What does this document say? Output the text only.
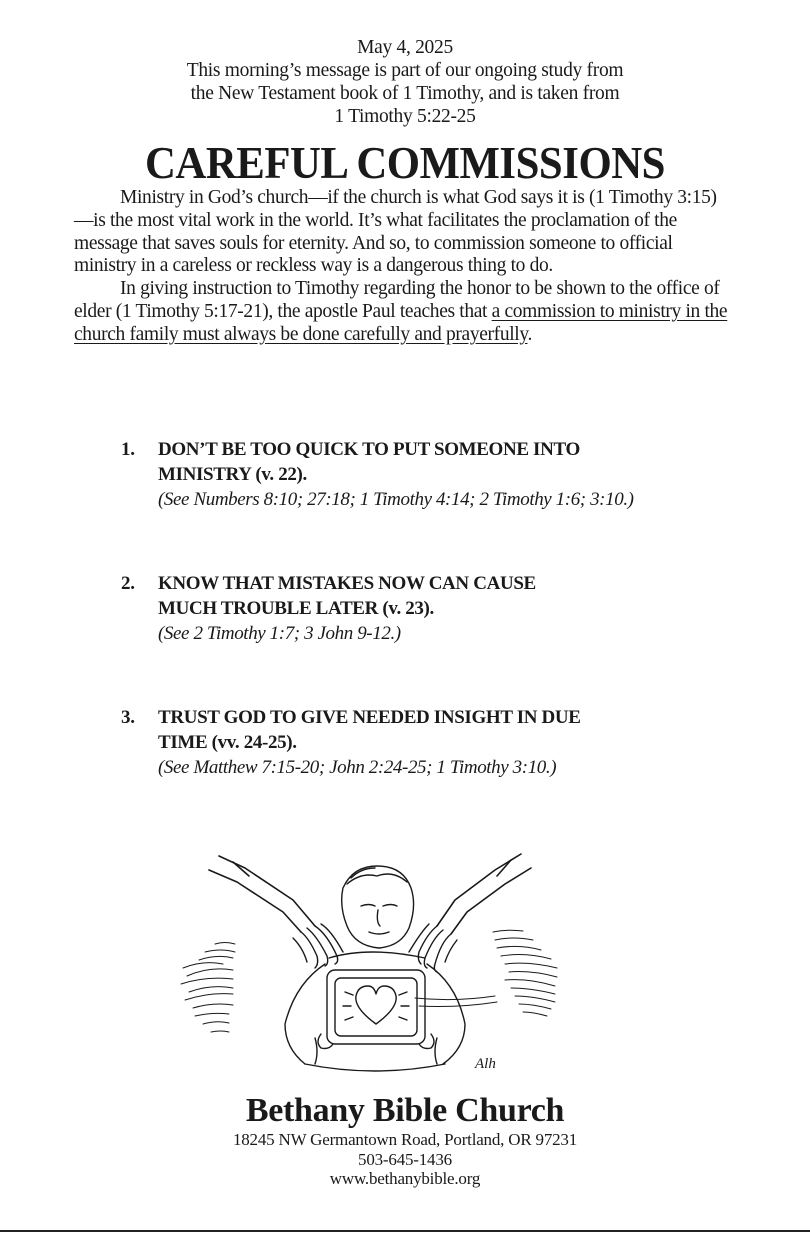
May 4, 2025
This morning’s message is part of our ongoing study from
the New Testament book of 1 Timothy, and is taken from
1 Timothy 5:22-25
CAREFUL COMMISSIONS

Ministry in God’s church—if the church is what God says it is (1 Timothy 3:15)—is the most vital work in the world. It’s what facilitates the proclamation of the message that saves souls for eternity. And so, to commission someone to official ministry in a careless or reckless way is a dangerous thing to do.

In giving instruction to Timothy regarding the honor to be shown to the office of elder (1 Timothy 5:17-21), the apostle Paul teaches that a commission to ministry in the church family must always be done carefully and prayerfully.

1. DON’T BE TOO QUICK TO PUT SOMEONE INTO MINISTRY (v. 22).
(See Numbers 8:10; 27:18; 1 Timothy 4:14; 2 Timothy 1:6; 3:10.)
2. KNOW THAT MISTAKES NOW CAN CAUSE MUCH TROUBLE LATER (v. 23).
(See 2 Timothy 1:7; 3 John 9-12.)
3. TRUST GOD TO GIVE NEEDED INSIGHT IN DUE TIME (vv. 24-25).
(See Matthew 7:15-20; John 2:24-25; 1 Timothy 3:10.)
Alh
Bethany Bible Church
18245 NW Germantown Road, Portland, OR 97231
503-645-1436
www.bethanybible.org
